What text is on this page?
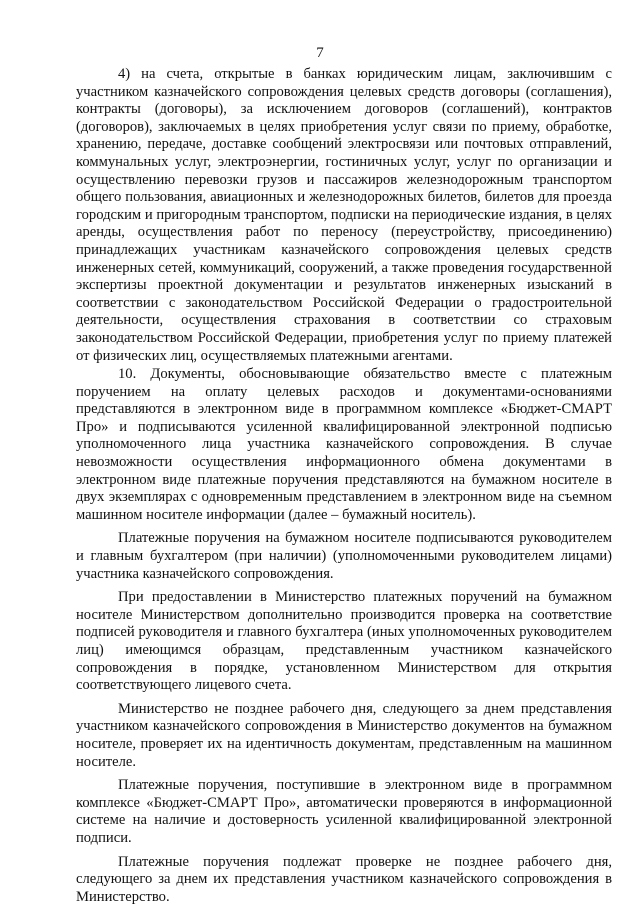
7

4) на счета, открытые в банках юридическим лицам, заключившим с участником казначейского сопровождения целевых средств договоры (соглашения), контракты (договоры), за исключением договоров (соглашений), контрактов (договоров), заключаемых в целях приобретения услуг связи по приему, обработке, хранению, передаче, доставке сообщений электросвязи или почтовых отправлений, коммунальных услуг, электроэнергии, гостиничных услуг, услуг по организации и осуществлению перевозки грузов и пассажиров железнодорожным транспортом общего пользования, авиационных и железнодорожных билетов, билетов для проезда городским и пригородным транспортом, подписки на периодические издания, в целях аренды, осуществления работ по переносу (переустройству, присоединению) принадлежащих участникам казначейского сопровождения целевых средств инженерных сетей, коммуникаций, сооружений, а также проведения государственной экспертизы проектной документации и результатов инженерных изысканий в соответствии с законодательством Российской Федерации о градостроительной деятельности, осуществления страхования в соответствии со страховым законодательством Российской Федерации, приобретения услуг по приему платежей от физических лиц, осуществляемых платежными агентами.

10. Документы, обосновывающие обязательство вместе с платежным поручением на оплату целевых расходов и документами-основаниями представляются в электронном виде в программном комплексе «Бюджет-СМАРТ Про» и подписываются усиленной квалифицированной электронной подписью уполномоченного лица участника казначейского сопровождения. В случае невозможности осуществления информационного обмена документами в электронном виде платежные поручения представляются на бумажном носителе в двух экземплярах с одновременным представлением в электронном виде на съемном машинном носителе информации (далее – бумажный носитель).

Платежные поручения на бумажном носителе подписываются руководителем и главным бухгалтером (при наличии) (уполномоченными руководителем лицами) участника казначейского сопровождения.

При предоставлении в Министерство платежных поручений на бумажном носителе Министерством дополнительно производится проверка на соответствие подписей руководителя и главного бухгалтера (иных уполномоченных руководителем лиц) имеющимся образцам, представленным участником казначейского сопровождения в порядке, установленном Министерством для открытия соответствующего лицевого счета.

Министерство не позднее рабочего дня, следующего за днем представления участником казначейского сопровождения в Министерство документов на бумажном носителе, проверяет их на идентичность документам, представленным на машинном носителе.

Платежные поручения, поступившие в электронном виде в программном комплексе «Бюджет-СМАРТ Про», автоматически проверяются в информационной системе на наличие и достоверность усиленной квалифицированной электронной подписи.

Платежные поручения подлежат проверке не позднее рабочего дня, следующего за днем их представления участником казначейского сопровождения в Министерство.
